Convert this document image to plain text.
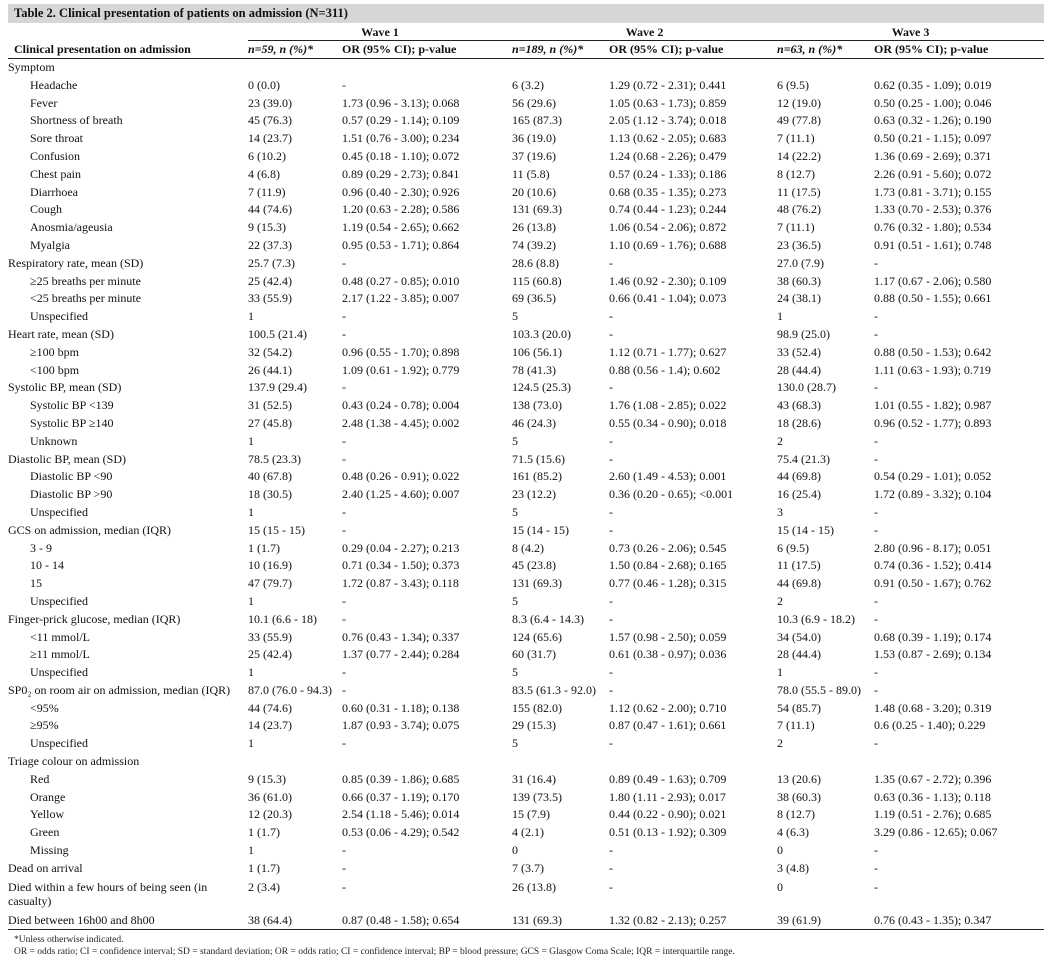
Table 2. Clinical presentation of patients on admission (N=311)
	Wave 1		Wave 2		Wave 3	
Clinical presentation on admission	n=59, n (%)*	OR (95% CI); p-value	n=189, n (%)*	OR (95% CI); p-value	n=63, n (%)*	OR (95% CI); p-value
Symptom						
Headache	0 (0.0)	-	6 (3.2)	1.29 (0.72 - 2.31); 0.441	6 (9.5)	0.62 (0.35 - 1.09); 0.019
Fever	23 (39.0)	1.73 (0.96 - 3.13); 0.068	56 (29.6)	1.05 (0.63 - 1.73); 0.859	12 (19.0)	0.50 (0.25 - 1.00); 0.046
Shortness of breath	45 (76.3)	0.57 (0.29 - 1.14); 0.109	165 (87.3)	2.05 (1.12 - 3.74); 0.018	49 (77.8)	0.63 (0.32 - 1.26); 0.190
Sore throat	14 (23.7)	1.51 (0.76 - 3.00); 0.234	36 (19.0)	1.13 (0.62 - 2.05); 0.683	7 (11.1)	0.50 (0.21 - 1.15); 0.097
Confusion	6 (10.2)	0.45 (0.18 - 1.10); 0.072	37 (19.6)	1.24 (0.68 - 2.26); 0.479	14 (22.2)	1.36 (0.69 - 2.69); 0.371
Chest pain	4 (6.8)	0.89 (0.29 - 2.73); 0.841	11 (5.8)	0.57 (0.24 - 1.33); 0.186	8 (12.7)	2.26 (0.91 - 5.60); 0.072
Diarrhoea	7 (11.9)	0.96 (0.40 - 2.30); 0.926	20 (10.6)	0.68 (0.35 - 1.35); 0.273	11 (17.5)	1.73 (0.81 - 3.71); 0.155
Cough	44 (74.6)	1.20 (0.63 - 2.28); 0.586	131 (69.3)	0.74 (0.44 - 1.23); 0.244	48 (76.2)	1.33 (0.70 - 2.53); 0.376
Anosmia/ageusia	9 (15.3)	1.19 (0.54 - 2.65); 0.662	26 (13.8)	1.06 (0.54 - 2.06); 0.872	7 (11.1)	0.76 (0.32 - 1.80); 0.534
Myalgia	22 (37.3)	0.95 (0.53 - 1.71); 0.864	74 (39.2)	1.10 (0.69 - 1.76); 0.688	23 (36.5)	0.91 (0.51 - 1.61); 0.748
Respiratory rate, mean (SD)	25.7 (7.3)	-	28.6 (8.8)	-	27.0 (7.9)	-
≥25 breaths per minute	25 (42.4)	0.48 (0.27 - 0.85); 0.010	115 (60.8)	1.46 (0.92 - 2.30); 0.109	38 (60.3)	1.17 (0.67 - 2.06); 0.580
<25 breaths per minute	33 (55.9)	2.17 (1.22 - 3.85); 0.007	69 (36.5)	0.66 (0.41 - 1.04); 0.073	24 (38.1)	0.88 (0.50 - 1.55); 0.661
Unspecified	1	-	5	-	1	-
Heart rate, mean (SD)	100.5 (21.4)	-	103.3 (20.0)	-	98.9 (25.0)	-
≥100 bpm	32 (54.2)	0.96 (0.55 - 1.70); 0.898	106 (56.1)	1.12 (0.71 - 1.77); 0.627	33 (52.4)	0.88 (0.50 - 1.53); 0.642
<100 bpm	26 (44.1)	1.09 (0.61 - 1.92); 0.779	78 (41.3)	0.88 (0.56 - 1.4); 0.602	28 (44.4)	1.11 (0.63 - 1.93); 0.719
Systolic BP, mean (SD)	137.9 (29.4)	-	124.5 (25.3)	-	130.0 (28.7)	-
Systolic BP <139	31 (52.5)	0.43 (0.24 - 0.78); 0.004	138 (73.0)	1.76 (1.08 - 2.85); 0.022	43 (68.3)	1.01 (0.55 - 1.82); 0.987
Systolic BP ≥140	27 (45.8)	2.48 (1.38 - 4.45); 0.002	46 (24.3)	0.55 (0.34 - 0.90); 0.018	18 (28.6)	0.96 (0.52 - 1.77); 0.893
Unknown	1	-	5	-	2	-
Diastolic BP, mean (SD)	78.5 (23.3)	-	71.5 (15.6)	-	75.4 (21.3)	-
Diastolic BP <90	40 (67.8)	0.48 (0.26 - 0.91); 0.022	161 (85.2)	2.60 (1.49 - 4.53); 0.001	44 (69.8)	0.54 (0.29 - 1.01); 0.052
Diastolic BP >90	18 (30.5)	2.40 (1.25 - 4.60); 0.007	23 (12.2)	0.36 (0.20 - 0.65); <0.001	16 (25.4)	1.72 (0.89 - 3.32); 0.104
Unspecified	1	-	5	-	3	-
GCS on admission, median (IQR)	15 (15 - 15)	-	15 (14 - 15)	-	15 (14 - 15)	-
3 - 9	1 (1.7)	0.29 (0.04 - 2.27); 0.213	8 (4.2)	0.73 (0.26 - 2.06); 0.545	6 (9.5)	2.80 (0.96 - 8.17); 0.051
10 - 14	10 (16.9)	0.71 (0.34 - 1.50); 0.373	45 (23.8)	1.50 (0.84 - 2.68); 0.165	11 (17.5)	0.74 (0.36 - 1.52); 0.414
15	47 (79.7)	1.72 (0.87 - 3.43); 0.118	131 (69.3)	0.77 (0.46 - 1.28); 0.315	44 (69.8)	0.91 (0.50 - 1.67); 0.762
Unspecified	1	-	5	-	2	-
Finger-prick glucose, median (IQR)	10.1 (6.6 - 18)	-	8.3 (6.4 - 14.3)	-	10.3 (6.9 - 18.2)	-
<11 mmol/L	33 (55.9)	0.76 (0.43 - 1.34); 0.337	124 (65.6)	1.57 (0.98 - 2.50); 0.059	34 (54.0)	0.68 (0.39 - 1.19); 0.174
≥11 mmol/L	25 (42.4)	1.37 (0.77 - 2.44); 0.284	60 (31.7)	0.61 (0.38 - 0.97); 0.036	28 (44.4)	1.53 (0.87 - 2.69); 0.134
Unspecified	1	-	5	-	1	-
SP0₂ on room air on admission, median (IQR)	87.0 (76.0 - 94.3)	-	83.5 (61.3 - 92.0)	-	78.0 (55.5 - 89.0)	-
<95%	44 (74.6)	0.60 (0.31 - 1.18); 0.138	155 (82.0)	1.12 (0.62 - 2.00); 0.710	54 (85.7)	1.48 (0.68 - 3.20); 0.319
≥95%	14 (23.7)	1.87 (0.93 - 3.74); 0.075	29 (15.3)	0.87 (0.47 - 1.61); 0.661	7 (11.1)	0.6 (0.25 - 1.40); 0.229
Unspecified	1	-	5	-	2	-
Triage colour on admission						
Red	9 (15.3)	0.85 (0.39 - 1.86); 0.685	31 (16.4)	0.89 (0.49 - 1.63); 0.709	13 (20.6)	1.35 (0.67 - 2.72); 0.396
Orange	36 (61.0)	0.66 (0.37 - 1.19); 0.170	139 (73.5)	1.80 (1.11 - 2.93); 0.017	38 (60.3)	0.63 (0.36 - 1.13); 0.118
Yellow	12 (20.3)	2.54 (1.18 - 5.46); 0.014	15 (7.9)	0.44 (0.22 - 0.90); 0.021	8 (12.7)	1.19 (0.51 - 2.76); 0.685
Green	1 (1.7)	0.53 (0.06 - 4.29); 0.542	4 (2.1)	0.51 (0.13 - 1.92); 0.309	4 (6.3)	3.29 (0.86 - 12.65); 0.067
Missing	1	-	0	-	0	-
Dead on arrival	1 (1.7)	-	7 (3.7)	-	3 (4.8)	-
Died within a few hours of being seen (in casualty)	2 (3.4)	-	26 (13.8)	-	0	-
Died between 16h00 and 8h00	38 (64.4)	0.87 (0.48 - 1.58); 0.654	131 (69.3)	1.32 (0.82 - 2.13); 0.257	39 (61.9)	0.76 (0.43 - 1.35); 0.347
*Unless otherwise indicated.
OR = odds ratio; CI = confidence interval; SD = standard deviation; OR = odds ratio; CI = confidence interval; BP = blood pressure; GCS = Glasgow Coma Scale; IQR = interquartile range.
